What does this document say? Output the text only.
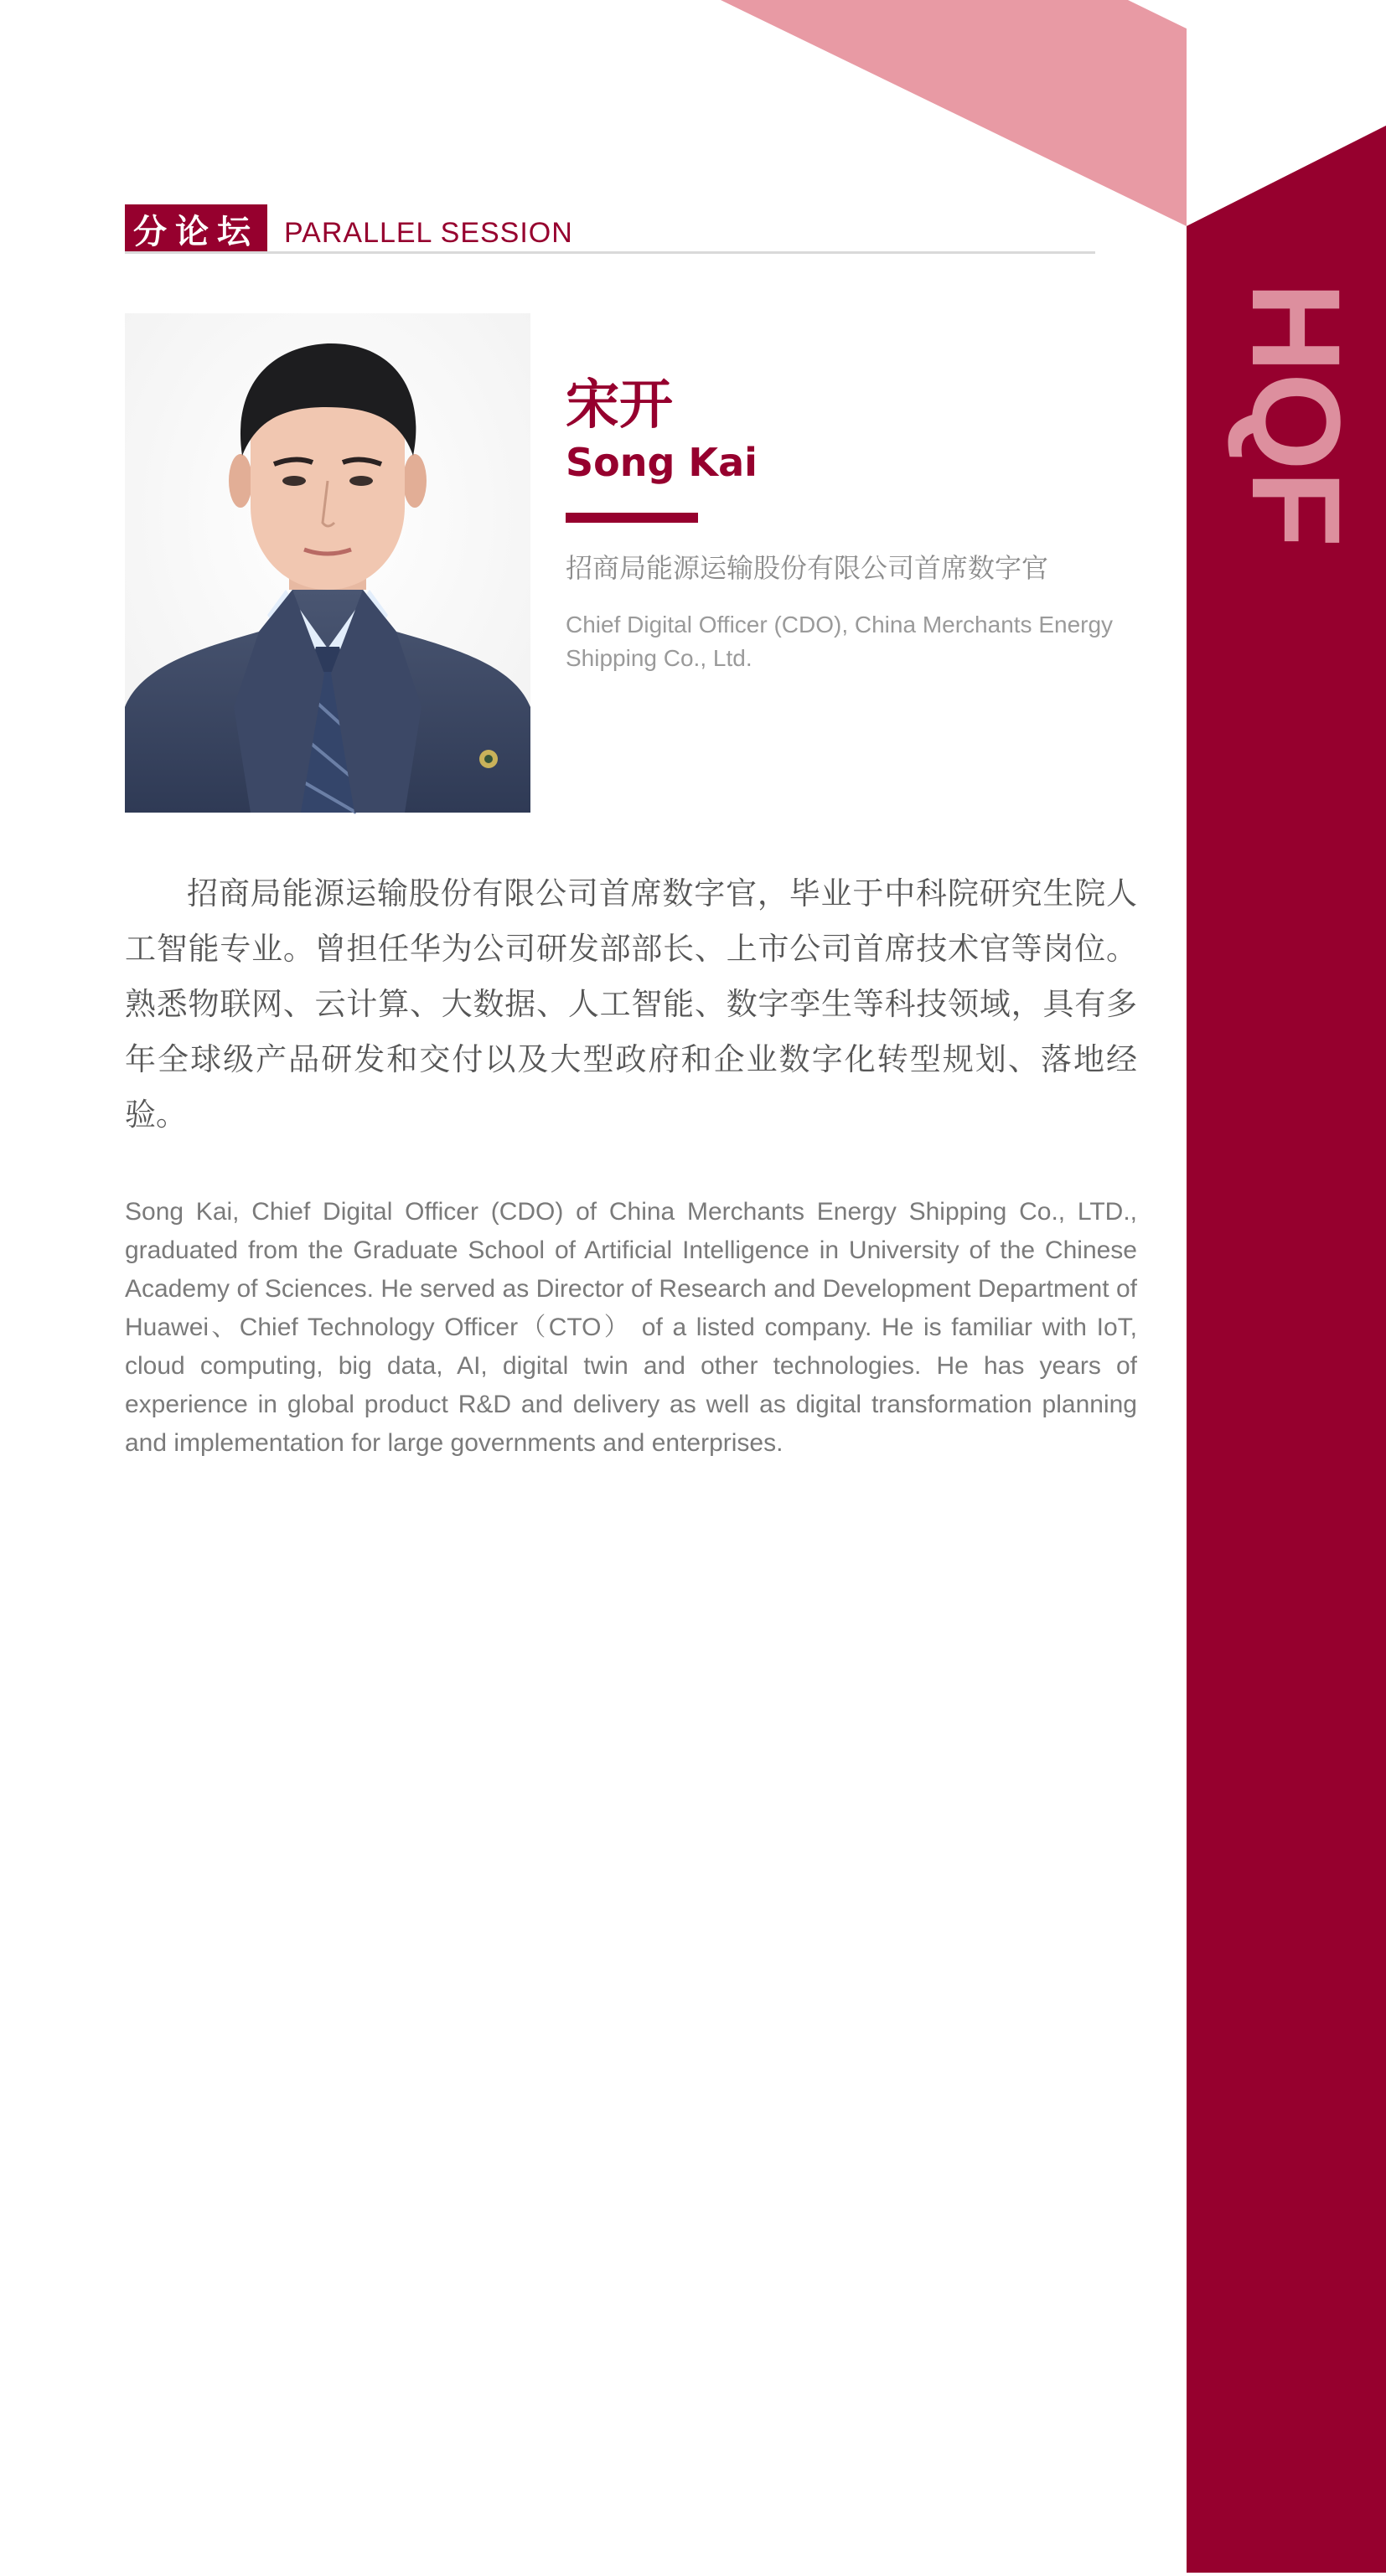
HQF
分论坛 PARALLEL SESSION
宋开
Song Kai
招商局能源运输股份有限公司首席数字官
Chief Digital Officer (CDO), China Merchants Energy Shipping Co., Ltd.

招商局能源运输股份有限公司首席数字官，毕业于中科院研究生院人工智能专业。曾担任华为公司研发部部长、上市公司首席技术官等岗位。熟悉物联网、云计算、大数据、人工智能、数字孪生等科技领域，具有多年全球级产品研发和交付以及大型政府和企业数字化转型规划、落地经验。

Song Kai, Chief Digital Officer (CDO) of China Merchants Energy Shipping Co., LTD., graduated from the Graduate School of Artificial Intelligence in University of the Chinese Academy of Sciences. He served as Director of Research and Development Department of Huawei、Chief Technology Officer（CTO） of a listed company. He is familiar with IoT, cloud computing, big data, AI, digital twin and other technologies. He has years of experience in global product R&D and delivery as well as digital transformation planning and implementation for large governments and enterprises.
